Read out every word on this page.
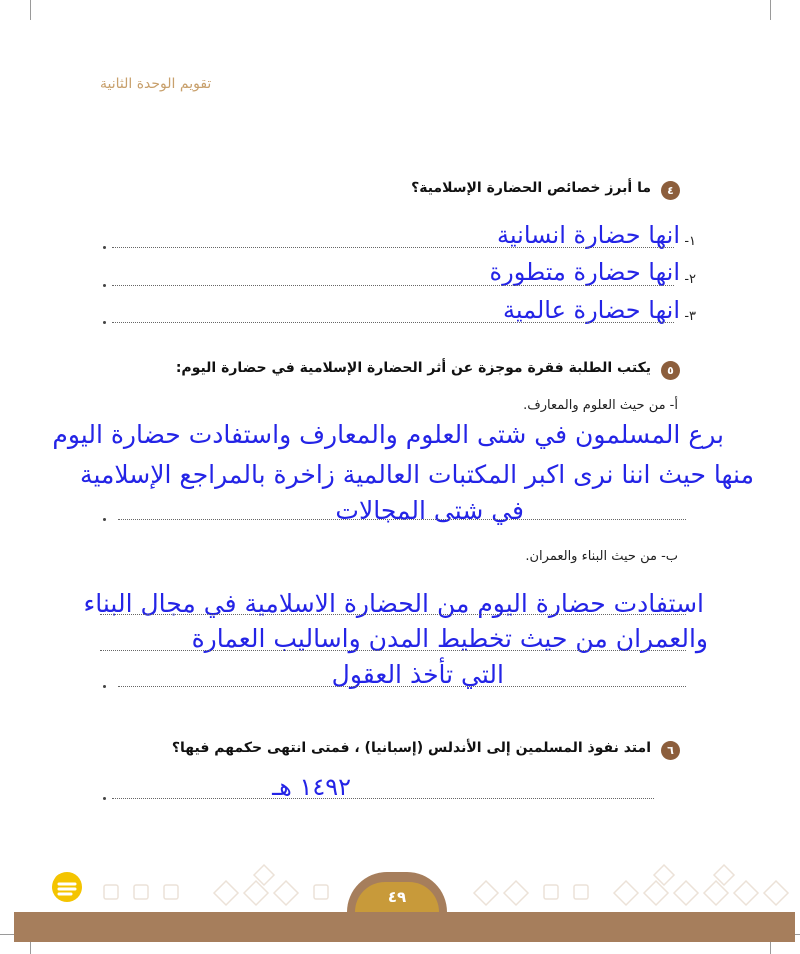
تقويم الوحدة الثانية
٤
ما أبرز خصائص الحضارة الإسلامية؟
١-
انها حضارة انسانية
٢-
انها حضارة متطورة
٣-
انها حضارة عالمية
٥
يكتب الطلبة فقرة موجزة عن أثر الحضارة الإسلامية في حضارة اليوم:
أ- من حيث العلوم والمعارف.
برع المسلمون في شتى العلوم والمعارف واستفادت حضارة اليوم
منها حيث اننا نرى اكبر المكتبات العالمية زاخرة بالمراجع الإسلامية
في شتى المجالات
ب- من حيث البناء والعمران.
استفادت حضارة اليوم من الحضارة الاسلامية في مجال البناء
والعمران من حيث تخطيط المدن واساليب العمارة
التي تأخذ العقول
٦
امتد نفوذ المسلمين إلى الأندلس (إسبانيا) ، فمتى انتهى حكمهم فيها؟
١٤٩٢ هـ
٤٩
